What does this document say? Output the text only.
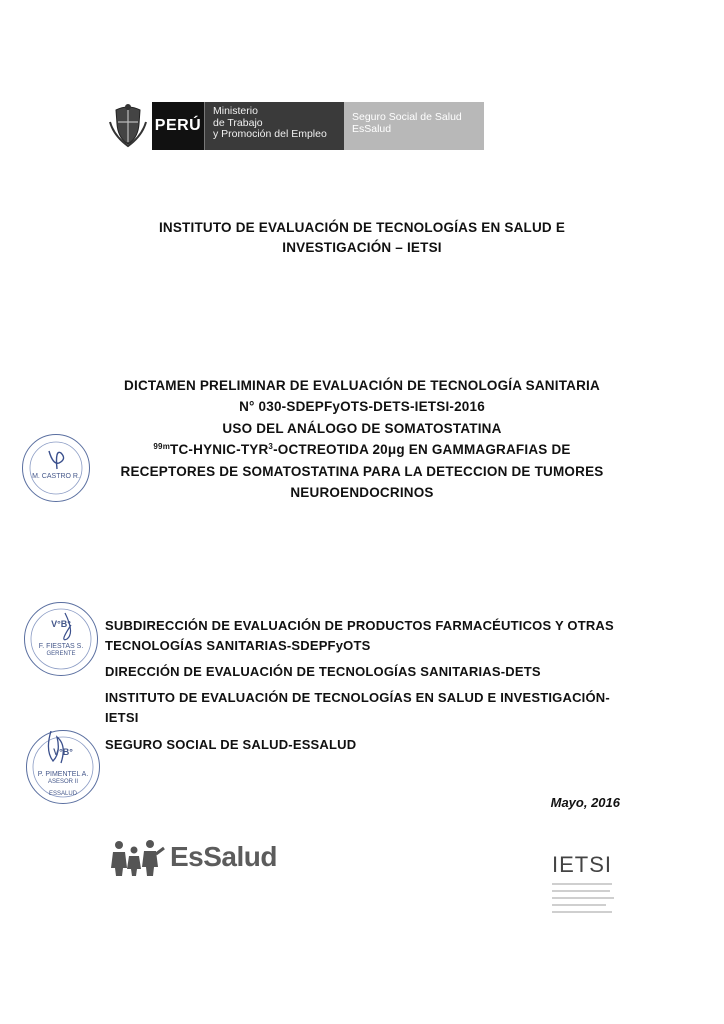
PERÚ
Ministerio
de Trabajo
y Promoción del Empleo
Seguro Social de Salud
EsSalud
INSTITUTO DE EVALUACIÓN DE TECNOLOGÍAS EN SALUD E
INVESTIGACIÓN – IETSI
DICTAMEN PRELIMINAR DE EVALUACIÓN DE TECNOLOGÍA SANITARIA
N° 030-SDEPFyOTS-DETS-IETSI-2016
USO DEL ANÁLOGO DE SOMATOSTATINA
$^{99m}$TC-HYNIC-TYR$^3$-OCTREOTIDA 20μg EN GAMMAGRAFIAS DE
RECEPTORES DE SOMATOSTATINA PARA LA DETECCION DE TUMORES
NEUROENDOCRINOS
M. CASTRO R.
SUBDIRECCIÓN DE EVALUACIÓN DE PRODUCTOS FARMACÉUTICOS Y OTRAS
TECNOLOGÍAS SANITARIAS-SDEPFyOTS
DIRECCIÓN DE EVALUACIÓN DE TECNOLOGÍAS SANITARIAS-DETS
INSTITUTO DE EVALUACIÓN DE TECNOLOGÍAS EN SALUD E INVESTIGACIÓN-
IETSI
SEGURO SOCIAL DE SALUD-ESSALUD
V°B°
F. FIESTAS S.
GERENTE
V°B°
P. PIMENTEL A.
ASESOR II
ESSALUD
Mayo, 2016
EsSalud	IETSI
